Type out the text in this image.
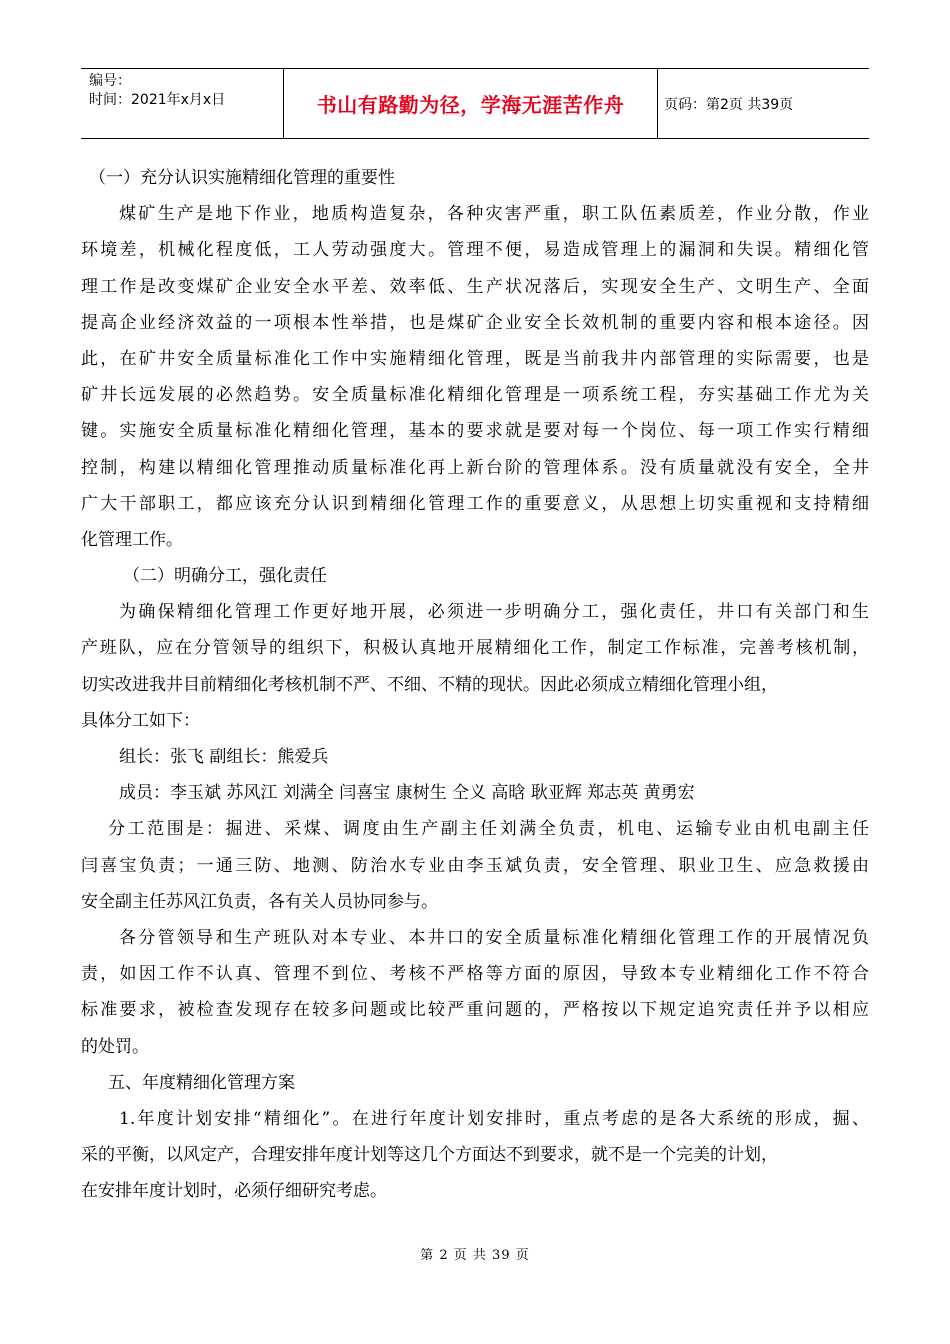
编号：
时间：2021年x月x日	书山有路勤为径，学海无涯苦作舟	页码：第2页 共39页
（一）充分认识实施精细化管理的重要性
煤矿生产是地下作业，地质构造复杂，各种灾害严重，职工队伍素质差，作业分散，作业
环境差，机械化程度低，工人劳动强度大。管理不便，易造成管理上的漏洞和失误。精细化管
理工作是改变煤矿企业安全水平差、效率低、生产状况落后，实现安全生产、文明生产、全面
提高企业经济效益的一项根本性举措，也是煤矿企业安全长效机制的重要内容和根本途径。因
此，在矿井安全质量标准化工作中实施精细化管理，既是当前我井内部管理的实际需要，也是
矿井长远发展的必然趋势。安全质量标准化精细化管理是一项系统工程，夯实基础工作尤为关
键。实施安全质量标准化精细化管理，基本的要求就是要对每一个岗位、每一项工作实行精细
控制，构建以精细化管理推动质量标准化再上新台阶的管理体系。没有质量就没有安全，全井
广大干部职工，都应该充分认识到精细化管理工作的重要意义，从思想上切实重视和支持精细
化管理工作。
（二）明确分工，强化责任
为确保精细化管理工作更好地开展，必须进一步明确分工，强化责任，井口有关部门和生
产班队，应在分管领导的组织下，积极认真地开展精细化工作，制定工作标准，完善考核机制，
切实改进我井目前精细化考核机制不严、不细、不精的现状。因此必须成立精细化管理小组，
具体分工如下：
组长：张飞 副组长：熊爱兵
成员：李玉斌 苏风江 刘满全 闫喜宝 康树生 仝义 高晗 耿亚辉 郑志英 黄勇宏
分工范围是：掘进、采煤、调度由生产副主任刘满全负责，机电、运输专业由机电副主任
闫喜宝负责；一通三防、地测、防治水专业由李玉斌负责，安全管理、职业卫生、应急救援由
安全副主任苏风江负责，各有关人员协同参与。
各分管领导和生产班队对本专业、本井口的安全质量标准化精细化管理工作的开展情况负
责，如因工作不认真、管理不到位、考核不严格等方面的原因，导致本专业精细化工作不符合
标准要求，被检查发现存在较多问题或比较严重问题的，严格按以下规定追究责任并予以相应
的处罚。
五、年度精细化管理方案
1.年度计划安排“精细化”。在进行年度计划安排时，重点考虑的是各大系统的形成，掘、
采的平衡，以风定产，合理安排年度计划等这几个方面达不到要求，就不是一个完美的计划，
在安排年度计划时，必须仔细研究考虑。
第 2 页 共 39 页
